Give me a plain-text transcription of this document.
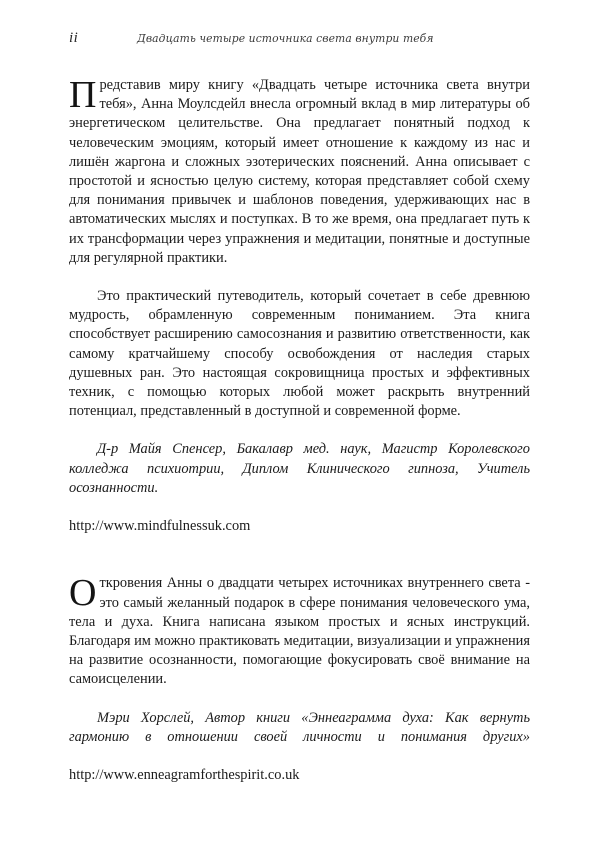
ii	Двадцать четыре источника света внутри тебя

Представив миру книгу «Двадцать четыре источника света внутри тебя», Анна Моулсдейл внесла огромный вклад в мир литературы об энергетическом целительстве. Она предлагает понятный подход к человеческим эмоциям, который имеет отношение к каждому из нас и лишён жаргона и сложных эзотерических пояснений. Анна описывает с простотой и ясностью целую систему, которая представляет собой схему для понимания привычек и шаблонов поведения, удерживающих нас в автоматических мыслях и поступках. В то же время, она предлагает путь к их трансформации через упражнения и медитации, понятные и доступные для регулярной практики.

Это практический путеводитель, который сочетает в себе древнюю мудрость, обрамленную современным пониманием. Эта книга способствует расширению самосознания и развитию ответственности, как самому кратчайшему способу освобождения от наследия старых душевных ран. Это настоящая сокровищница простых и эффективных техник, с помощью которых любой может раскрыть внутренний потенциал, представленный в доступной и современной форме.

Д-р Майя Спенсер, Бакалавр мед. наук, Магистр Королевского колледжа психиотрии, Диплом Клинического гипноза, Учитель осознанности.

http://www.mindfulnessuk.com

Откровения Анны о двадцати четырех источниках внутреннего света - это самый желанный подарок в сфере понимания человеческого ума, тела и духа. Книга написана языком простых и ясных инструкций. Благодаря им можно практиковать медитации, визуализации и упражнения на развитие осознанности, помогающие фокусировать своё внимание на самоисцелении.

Мэри Хорслей, Автор книги «Эннеаграмма духа: Как вернуть гармонию в отношении своей личности и понимания других»

http://www.enneagramforthespirit.co.uk
